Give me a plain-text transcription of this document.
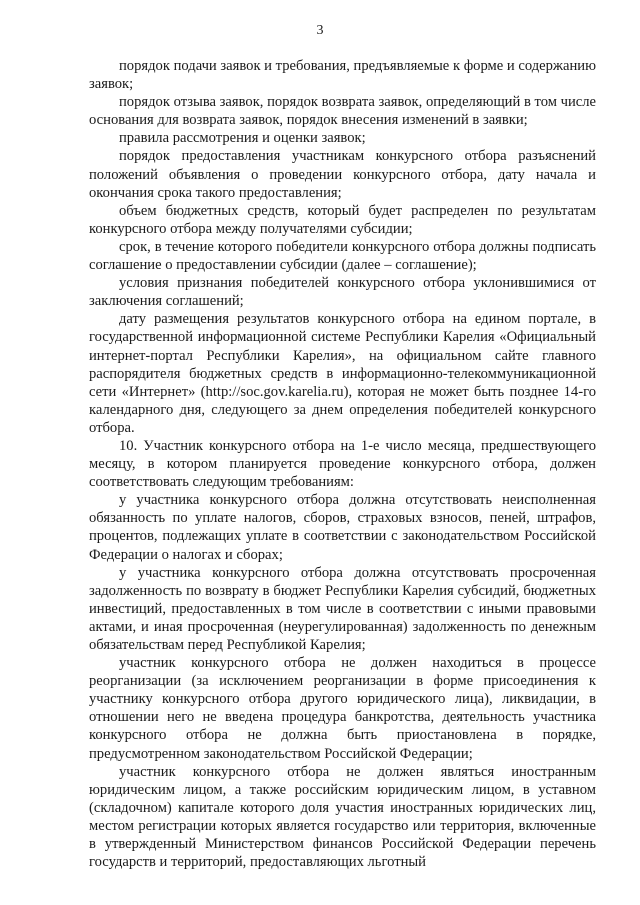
3

порядок подачи заявок и требования, предъявляемые к форме и содержанию заявок;

порядок отзыва заявок, порядок возврата заявок, определяющий в том числе основания для возврата заявок, порядок внесения изменений в заявки;

правила рассмотрения и оценки заявок;

порядок предоставления участникам конкурсного отбора разъяснений положений объявления о проведении конкурсного отбора, дату начала и окончания срока такого предоставления;

объем бюджетных средств, который будет распределен по результатам конкурсного отбора между получателями субсидии;

срок, в течение которого победители конкурсного отбора должны подписать соглашение о предоставлении субсидии (далее – соглашение);

условия признания победителей конкурсного отбора уклонившимися от заключения соглашений;

дату размещения результатов конкурсного отбора на едином портале, в государственной информационной системе Республики Карелия «Официальный интернет-портал Республики Карелия», на официальном сайте главного распорядителя бюджетных средств в информационно-телекоммуникационной сети «Интернет» (http://soc.gov.karelia.ru), которая не может быть позднее 14-го календарного дня, следующего за днем определения победителей конкурсного отбора.

10. Участник конкурсного отбора на 1-е число месяца, предшествующего месяцу, в котором планируется проведение конкурсного отбора, должен соответствовать следующим требованиям:

у участника конкурсного отбора должна отсутствовать неисполненная обязанность по уплате налогов, сборов, страховых взносов, пеней, штрафов, процентов, подлежащих уплате в соответствии с законодательством Российской Федерации о налогах и сборах;

у участника конкурсного отбора должна отсутствовать просроченная задолженность по возврату в бюджет Республики Карелия субсидий, бюджетных инвестиций, предоставленных в том числе в соответствии с иными правовыми актами, и иная просроченная (неурегулированная) задолженность по денежным обязательствам перед Республикой Карелия;

участник конкурсного отбора не должен находиться в процессе реорганизации (за исключением реорганизации в форме присоединения к участнику конкурсного отбора другого юридического лица), ликвидации, в отношении него не введена процедура банкротства, деятельность участника конкурсного отбора не должна быть приостановлена в порядке, предусмотренном законодательством Российской Федерации;

участник конкурсного отбора не должен являться иностранным юридическим лицом, а также российским юридическим лицом, в уставном (складочном) капитале которого доля участия иностранных юридических лиц, местом регистрации которых является государство или территория, включенные в утвержденный Министерством финансов Российской Федерации перечень государств и территорий, предоставляющих льготный
